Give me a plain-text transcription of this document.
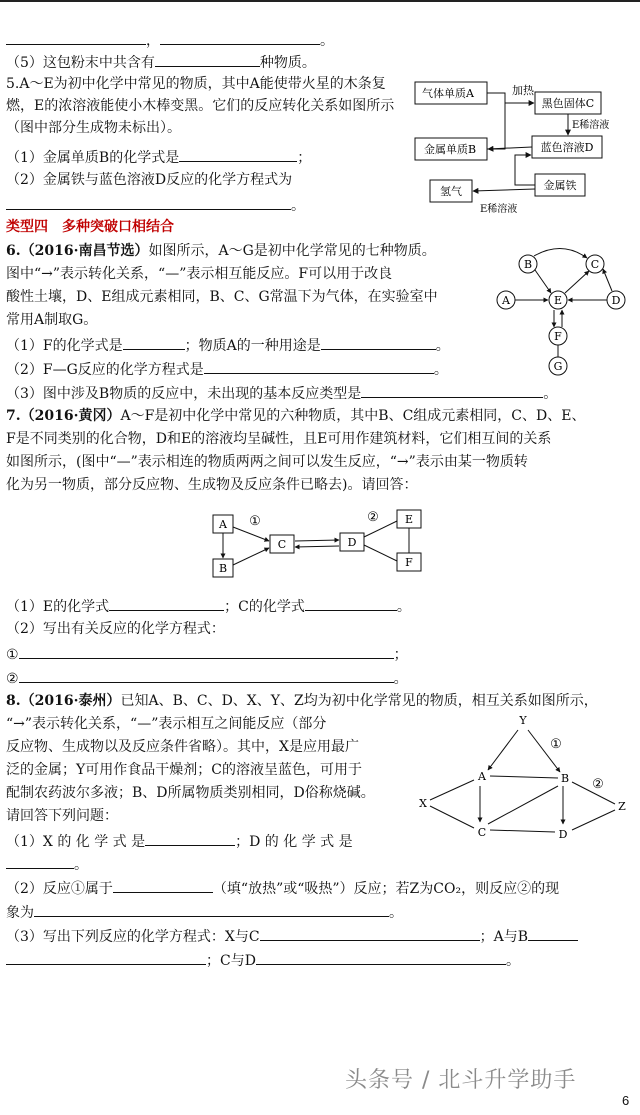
，	。
（5）这包粉末中共含有	种物质。
5.A～E为初中化学中常见的物质，其中A能使带火星的木条复燃，E的浓溶液能使小木棒变黑。它们的反应转化关系如图所示（图中部分生成物未标出）。
（1）金属单质B的化学式是	；
（2）金属铁与蓝色溶液D反应的化学方程式为
。
气体单质A
黑色固体C
金属单质B	蓝色溶液D
金属铁
氢气
加热
E稀溶液
E稀溶液
类型四　多种突破口相结合
6.（2016·南昌节选）如图所示，A～G是初中化学常见的七种物质。
图中“→”表示转化关系，“—”表示相互能反应。F可以用于改良
酸性土壤，D、E组成元素相同，B、C、G常温下为气体，在实验室中
常用A制取G。
（1）F的化学式是	；物质A的一种用途是	。
（2）F—G反应的化学方程式是	。
（3）图中涉及B物质的反应中，未出现的基本反应类型是	。
B	C
A	E	D
F
G
7.（2016·黄冈）A～F是初中化学中常见的六种物质，其中B、C组成元素相同，C、D、E、
F是不同类别的化合物，D和E的溶液均呈碱性，且E可用作建筑材料，它们相互间的关系
如图所示，(图中“—”表示相连的物质两两之间可以发生反应，“→”表示由某一物质转
化为另一物质，部分反应物、生成物及反应条件已略去)。请回答：
A
B
C	D
E
F
①	②
（1）E的化学式	；C的化学式	。
（2）写出有关反应的化学方程式：
①	；
②	。
8.（2016·泰州）已知A、B、C、D、X、Y、Z均为初中化学常见的物质，相互关系如图所示，
“→”表示转化关系，“—”表示相互之间能反应（部分
反应物、生成物以及反应条件省略）。其中，X是应用最广
泛的金属；Y可用作食品干燥剂；C的溶液呈蓝色，可用于
配制农药波尔多液；B、D所属物质类别相同，D俗称烧碱。
请回答下列问题：
（1）X 的 化 学 式 是	；D 的 化 学 式 是
。
Y
A	B
X	Z
C	D
①
②
（2）反应①属于	（填“放热”或“吸热”）反应；若Z为CO₂，则反应②的现
象为	。
（3）写出下列反应的化学方程式：X与C	；A与B
；C与D	。
头条号 / 北斗升学助手
6
